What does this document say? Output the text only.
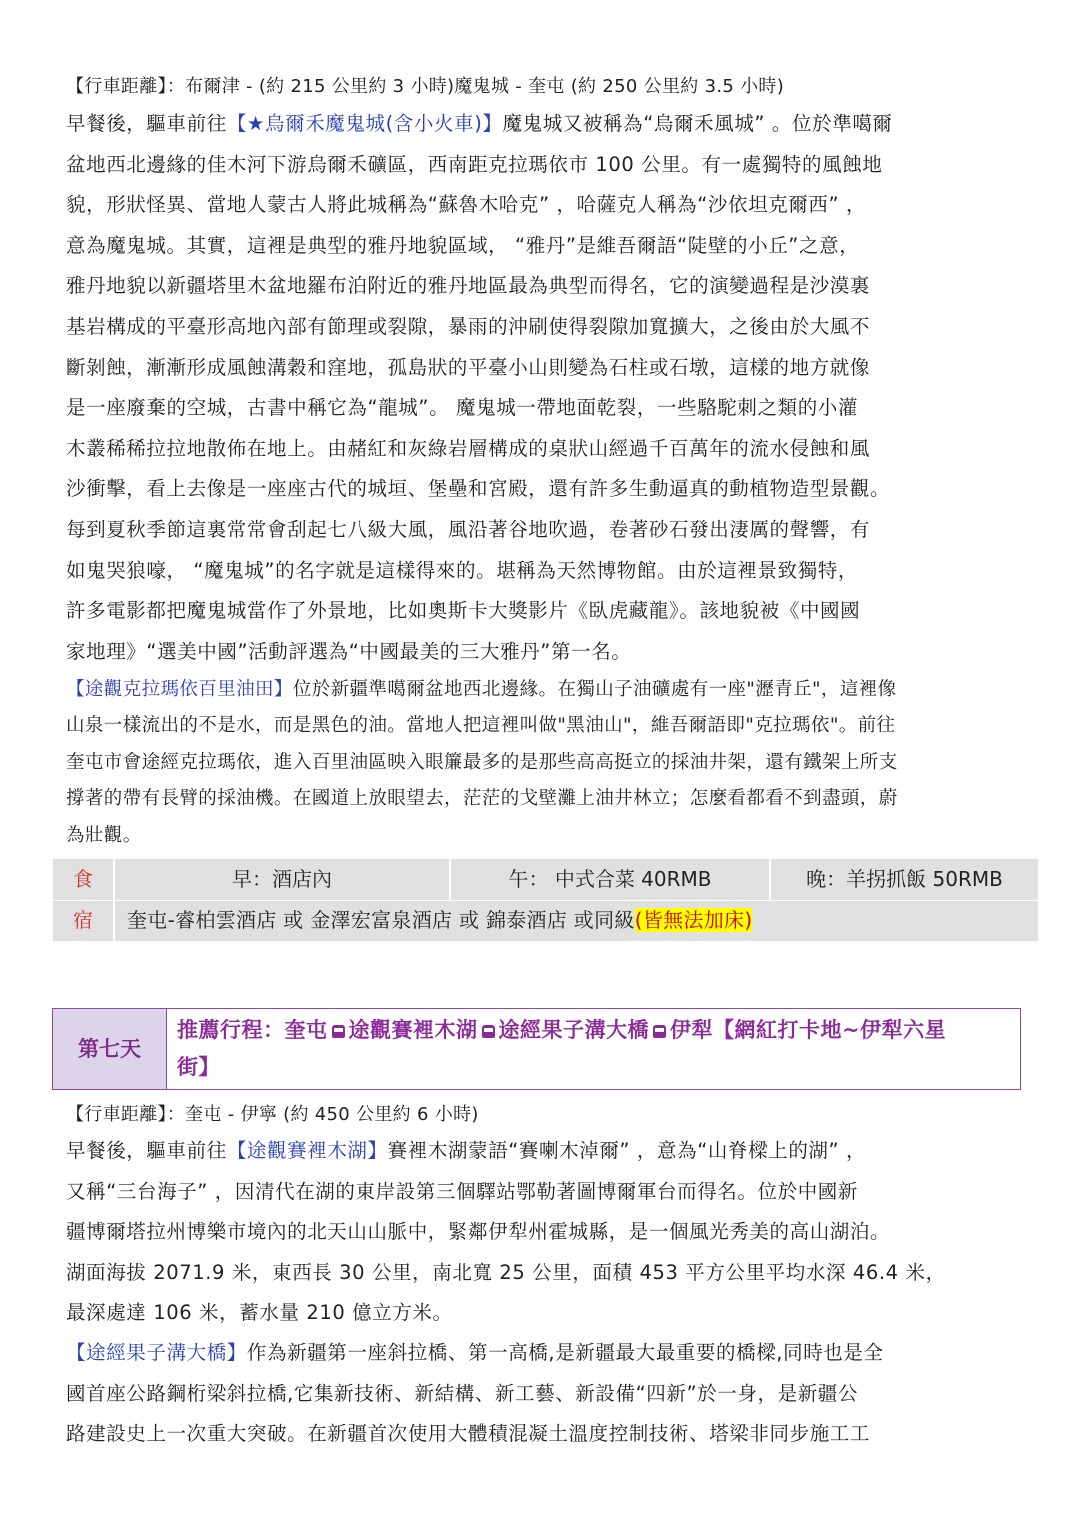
【行車距離】：布爾津 - (約 215 公里約 3 小時)魔鬼城 - 奎屯 (約 250 公里約 3.5 小時)
早餐後，驅車前往【★烏爾禾魔鬼城(含小火車)】魔鬼城又被稱為“烏爾禾風城” 。位於準噶爾
盆地西北邊緣的佳木河下游烏爾禾礦區，西南距克拉瑪依市 100 公里。有一處獨特的風蝕地
貌，形狀怪異、當地人蒙古人將此城稱為“蘇魯木哈克” ，哈薩克人稱為“沙依坦克爾西” ，
意為魔鬼城。其實，這裡是典型的雅丹地貌區域， “雅丹”是維吾爾語“陡壁的小丘”之意，
雅丹地貌以新疆塔里木盆地羅布泊附近的雅丹地區最為典型而得名，它的演變過程是沙漠裏
基岩構成的平臺形高地內部有節理或裂隙，暴雨的沖刷使得裂隙加寬擴大，之後由於大風不
斷剝蝕，漸漸形成風蝕溝穀和窪地，孤島狀的平臺小山則變為石柱或石墩，這樣的地方就像
是一座廢棄的空城，古書中稱它為“龍城”。 魔鬼城一帶地面乾裂，一些駱駝刺之類的小灌
木叢稀稀拉拉地散佈在地上。由赭紅和灰綠岩層構成的桌狀山經過千百萬年的流水侵蝕和風
沙衝擊，看上去像是一座座古代的城垣、堡壘和宮殿，還有許多生動逼真的動植物造型景觀。
每到夏秋季節這裏常常會刮起七八級大風，風沿著谷地吹過，卷著砂石發出淒厲的聲響，有
如鬼哭狼嚎， “魔鬼城”的名字就是這樣得來的。堪稱為天然博物館。由於這裡景致獨特，
許多電影都把魔鬼城當作了外景地，比如奧斯卡大獎影片《臥虎藏龍》。該地貌被《中國國
家地理》“選美中國”活動評選為“中國最美的三大雅丹”第一名。
【途觀克拉瑪依百里油田】位於新疆準噶爾盆地西北邊緣。在獨山子油礦處有一座"瀝青丘"，這裡像
山泉一樣流出的不是水，而是黑色的油。當地人把這裡叫做"黑油山"，維吾爾語即"克拉瑪依"。前往
奎屯市會途經克拉瑪依，進入百里油區映入眼簾最多的是那些高高挺立的採油井架，還有鐵架上所支
撐著的帶有長臂的採油機。在國道上放眼望去，茫茫的戈壁灘上油井林立；怎麼看都看不到盡頭，蔚
為壯觀。
食	早：酒店內	午： 中式合菜 40RMB	晚：羊拐抓飯 50RMB
宿	奎屯-睿柏雲酒店 或 金澤宏富泉酒店 或 錦泰酒店 或同級(皆無法加床)
第七天
推薦行程：奎屯 途觀賽裡木湖 途經果子溝大橋 伊犁【網紅打卡地~伊犁六星
街】
【行車距離】：奎屯 - 伊寧 (約 450 公里約 6 小時)
早餐後，驅車前往【途觀賽裡木湖】賽裡木湖蒙語“賽喇木淖爾” ，意為“山脊樑上的湖” ，
又稱“三台海子” ，因清代在湖的東岸設第三個驛站鄂勒著圖博爾軍台而得名。位於中國新
疆博爾塔拉州博樂市境內的北天山山脈中，緊鄰伊犁州霍城縣，是一個風光秀美的高山湖泊。
湖面海拔 2071.9 米，東西長 30 公里，南北寬 25 公里，面積 453 平方公里平均水深 46.4 米，
最深處達 106 米，蓄水量 210 億立方米。
【途經果子溝大橋】作為新疆第一座斜拉橋、第一高橋,是新疆最大最重要的橋樑,同時也是全
國首座公路鋼桁梁斜拉橋,它集新技術、新結構、新工藝、新設備“四新”於一身，是新疆公
路建設史上一次重大突破。在新疆首次使用大體積混凝土溫度控制技術、塔梁非同步施工工
